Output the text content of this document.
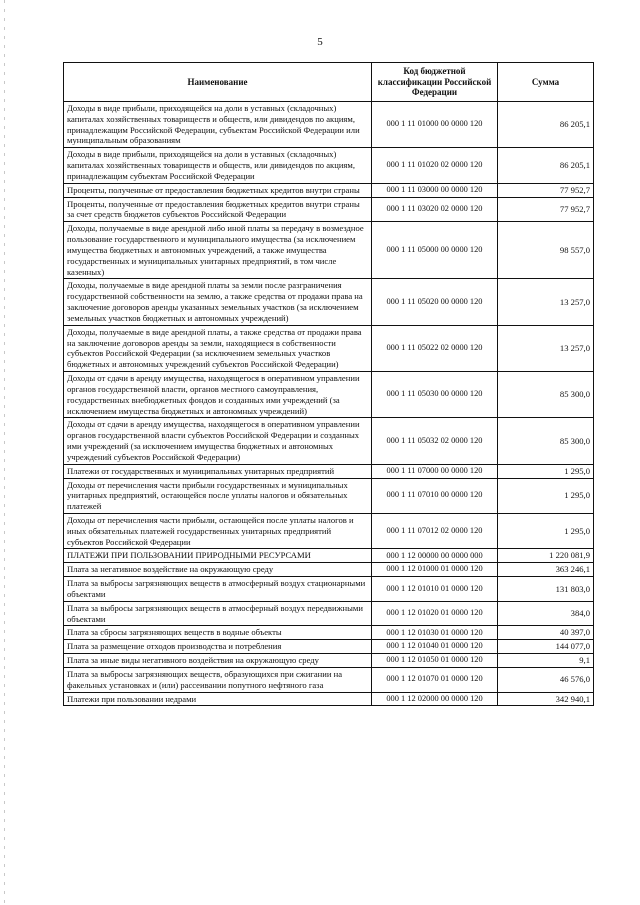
5
Наименование	Код бюджетной классификации Российской Федерации	Сумма
Доходы в виде прибыли, приходящейся на доли в уставных (складочных) капиталах хозяйственных товариществ и обществ, или дивидендов по акциям, принадлежащим Российской Федерации, субъектам Российской Федерации или муниципальным образованиям	000 1 11 01000 00 0000 120	86 205,1
Доходы в виде прибыли, приходящейся на доли в уставных (складочных) капиталах хозяйственных товариществ и обществ, или дивидендов по акциям, принадлежащим субъектам Российской Федерации	000 1 11 01020 02 0000 120	86 205,1
Проценты, полученные от предоставления бюджетных кредитов внутри страны	000 1 11 03000 00 0000 120	77 952,7
Проценты, полученные от предоставления бюджетных кредитов внутри страны за счет средств бюджетов субъектов Российской Федерации	000 1 11 03020 02 0000 120	77 952,7
Доходы, получаемые в виде арендной либо иной платы за передачу в возмездное пользование государственного и муниципального имущества (за исключением имущества бюджетных и автономных учреждений, а также имущества государственных и муниципальных унитарных предприятий, в том числе казенных)	000 1 11 05000 00 0000 120	98 557,0
Доходы, получаемые в виде арендной платы за земли после разграничения государственной собственности на землю, а также средства от продажи права на заключение договоров аренды указанных земельных участков (за исключением земельных участков бюджетных и автономных учреждений)	000 1 11 05020 00 0000 120	13 257,0
Доходы, получаемые в виде арендной платы, а также средства от продажи права на заключение договоров аренды за земли, находящиеся в собственности субъектов Российской Федерации (за исключением земельных участков бюджетных и автономных учреждений субъектов Российской Федерации)	000 1 11 05022 02 0000 120	13 257,0
Доходы от сдачи в аренду имущества, находящегося в оперативном управлении органов государственной власти, органов местного самоуправления, государственных внебюджетных фондов и созданных ими учреждений (за исключением имущества бюджетных и автономных учреждений)	000 1 11 05030 00 0000 120	85 300,0
Доходы от сдачи в аренду имущества, находящегося в оперативном управлении органов государственной власти субъектов Российской Федерации и созданных ими учреждений (за исключением имущества бюджетных и автономных учреждений субъектов Российской Федерации)	000 1 11 05032 02 0000 120	85 300,0
Платежи от государственных и муниципальных унитарных предприятий	000 1 11 07000 00 0000 120	1 295,0
Доходы от перечисления части прибыли государственных и муниципальных унитарных предприятий, остающейся после уплаты налогов и обязательных платежей	000 1 11 07010 00 0000 120	1 295,0
Доходы от перечисления части прибыли, остающейся после уплаты налогов и иных обязательных платежей государственных унитарных предприятий субъектов Российской Федерации	000 1 11 07012 02 0000 120	1 295,0
ПЛАТЕЖИ ПРИ ПОЛЬЗОВАНИИ ПРИРОДНЫМИ РЕСУРСАМИ	000 1 12 00000 00 0000 000	1 220 081,9
Плата за негативное воздействие на окружающую среду	000 1 12 01000 01 0000 120	363 246,1
Плата за выбросы загрязняющих веществ в атмосферный воздух стационарными объектами	000 1 12 01010 01 0000 120	131 803,0
Плата за выбросы загрязняющих веществ в атмосферный воздух передвижными объектами	000 1 12 01020 01 0000 120	384,0
Плата за сбросы загрязняющих веществ в водные объекты	000 1 12 01030 01 0000 120	40 397,0
Плата за размещение отходов производства и потребления	000 1 12 01040 01 0000 120	144 077,0
Плата за иные виды негативного воздействия на окружающую среду	000 1 12 01050 01 0000 120	9,1
Плата за выбросы загрязняющих веществ, образующихся при сжигании на факельных установках и (или) рассеивании попутного нефтяного газа	000 1 12 01070 01 0000 120	46 576,0
Платежи при пользовании недрами	000 1 12 02000 00 0000 120	342 940,1
